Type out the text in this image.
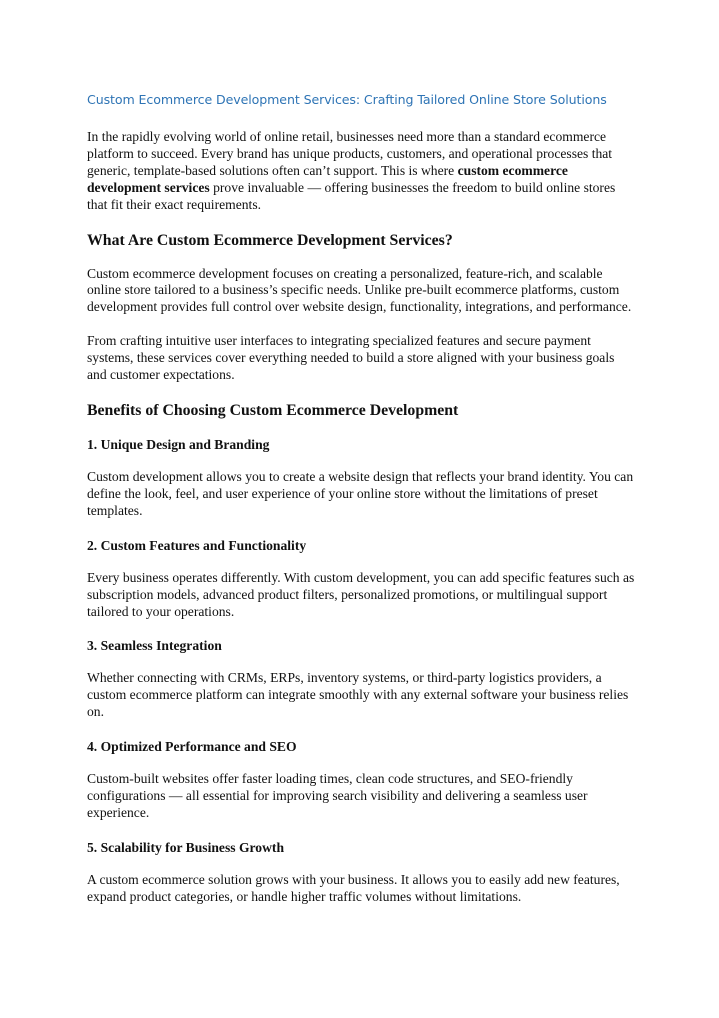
Custom Ecommerce Development Services: Crafting Tailored Online Store Solutions

In the rapidly evolving world of online retail, businesses need more than a standard ecommerce platform to succeed. Every brand has unique products, customers, and operational processes that generic, template-based solutions often can’t support. This is where custom ecommerce development services prove invaluable — offering businesses the freedom to build online stores that fit their exact requirements.

What Are Custom Ecommerce Development Services?

Custom ecommerce development focuses on creating a personalized, feature-rich, and scalable online store tailored to a business’s specific needs. Unlike pre-built ecommerce platforms, custom development provides full control over website design, functionality, integrations, and performance.

From crafting intuitive user interfaces to integrating specialized features and secure payment systems, these services cover everything needed to build a store aligned with your business goals and customer expectations.

Benefits of Choosing Custom Ecommerce Development
1. Unique Design and Branding

Custom development allows you to create a website design that reflects your brand identity. You can define the look, feel, and user experience of your online store without the limitations of preset templates.

2. Custom Features and Functionality

Every business operates differently. With custom development, you can add specific features such as subscription models, advanced product filters, personalized promotions, or multilingual support tailored to your operations.

3. Seamless Integration

Whether connecting with CRMs, ERPs, inventory systems, or third-party logistics providers, a custom ecommerce platform can integrate smoothly with any external software your business relies on.

4. Optimized Performance and SEO

Custom-built websites offer faster loading times, clean code structures, and SEO-friendly configurations — all essential for improving search visibility and delivering a seamless user experience.

5. Scalability for Business Growth

A custom ecommerce solution grows with your business. It allows you to easily add new features, expand product categories, or handle higher traffic volumes without limitations.
